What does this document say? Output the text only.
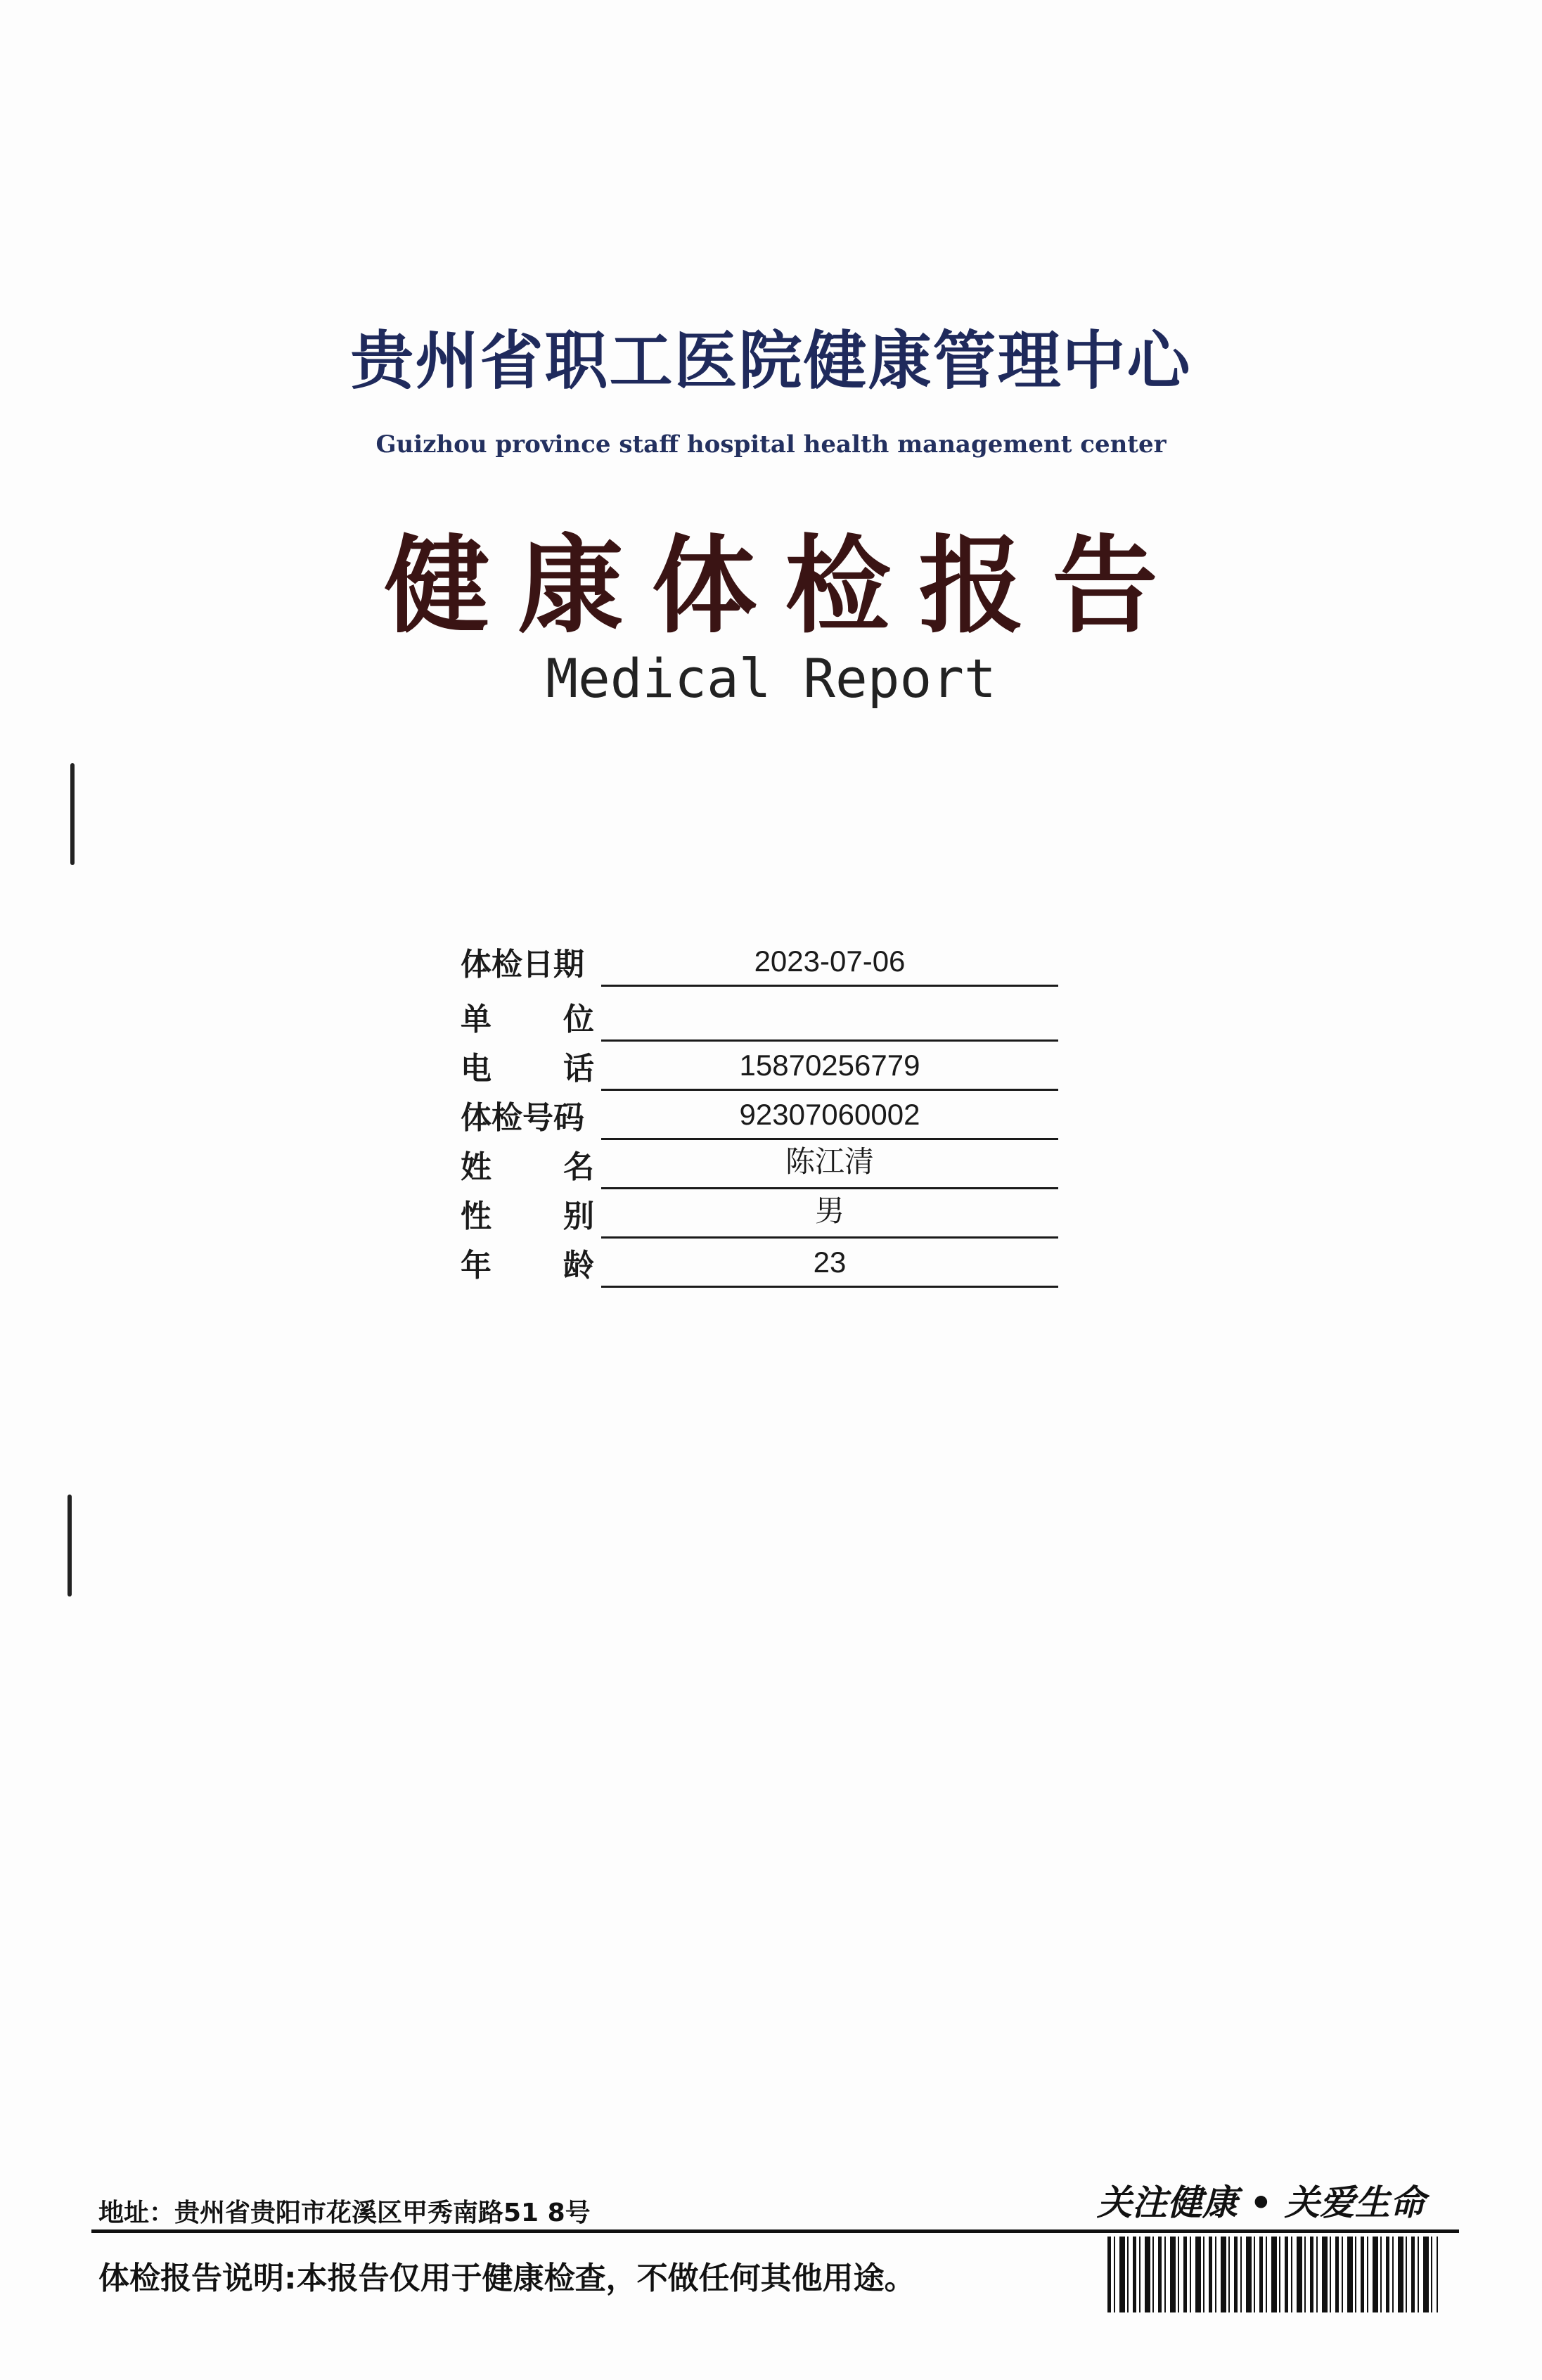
贵州省职工医院健康管理中心
Guizhou province staff hospital health management center
健康体检报告
Medical Report
体检日期	2023-07-06
单 位
电 话	15870256779
体检号码	92307060002
姓 名	陈江清
性 别	男
年 龄	23
地址：贵州省贵阳市花溪区甲秀南路51 8号	关注健康 • 关爱生命
体检报告说明:本报告仅用于健康检查，不做任何其他用途。
